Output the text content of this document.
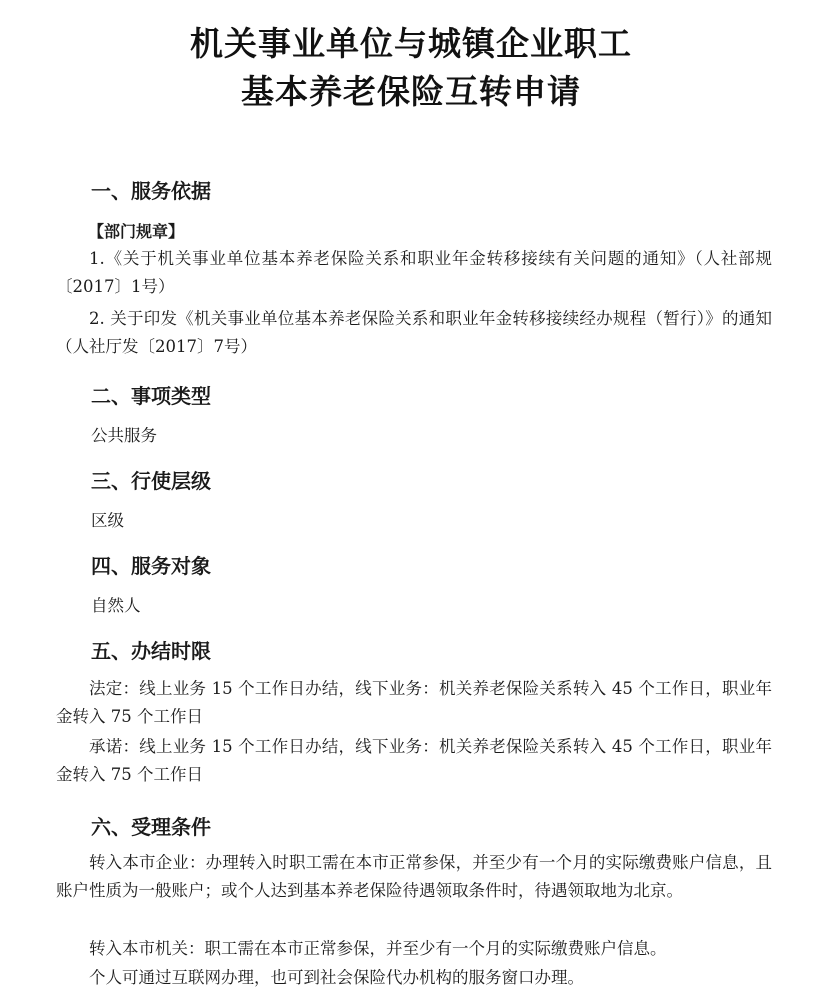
机关事业单位与城镇企业职工
基本养老保险互转申请
一、服务依据
【部门规章】
1.《关于机关事业单位基本养老保险关系和职业年金转移接续有关问题的通知》（人社部规〔2017〕1号）
2. 关于印发《机关事业单位基本养老保险关系和职业年金转移接续经办规程（暂行）》的通知（人社厅发〔2017〕7号）
二、事项类型
公共服务
三、行使层级
区级
四、服务对象
自然人
五、办结时限
法定：线上业务 15 个工作日办结，线下业务：机关养老保险关系转入 45 个工作日，职业年金转入 75 个工作日
承诺：线上业务 15 个工作日办结，线下业务：机关养老保险关系转入 45 个工作日，职业年金转入 75 个工作日
六、受理条件
转入本市企业：办理转入时职工需在本市正常参保，并至少有一个月的实际缴费账户信息，且账户性质为一般账户；或个人达到基本养老保险待遇领取条件时，待遇领取地为北京。
转入本市机关：职工需在本市正常参保，并至少有一个月的实际缴费账户信息。
个人可通过互联网办理，也可到社会保险代办机构的服务窗口办理。
